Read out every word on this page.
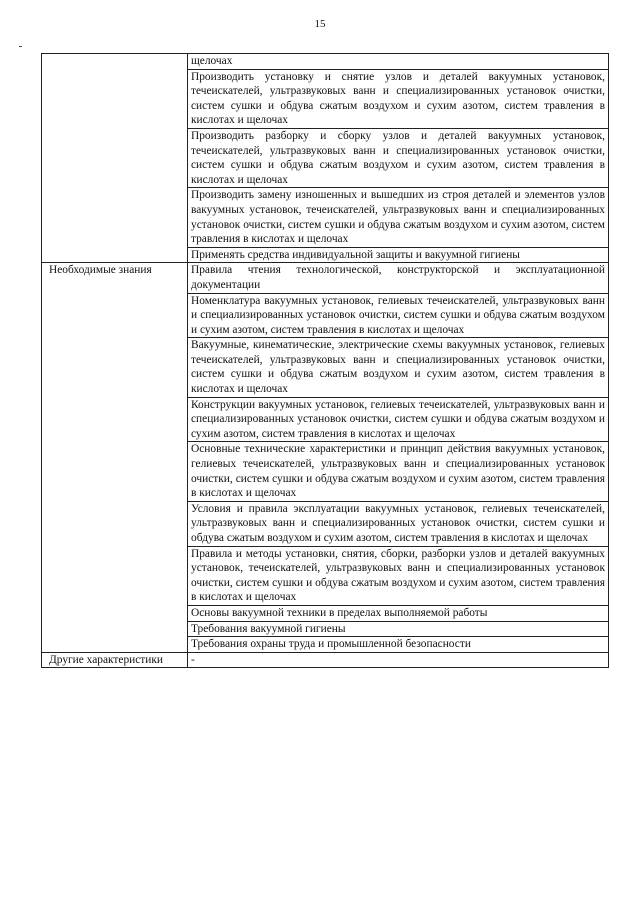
15

	щелочах

	Производить установку и снятие узлов и деталей вакуумных установок, течеискателей, ультразвуковых ванн и специализированных установок очистки, систем сушки и обдува сжатым воздухом и сухим азотом, систем травления в кислотах и щелочах

	Производить разборку и сборку узлов и деталей вакуумных установок, течеискателей, ультразвуковых ванн и специализированных установок очистки, систем сушки и обдува сжатым воздухом и сухим азотом, систем травления в кислотах и щелочах

	Производить замену изношенных и вышедших из строя деталей и элементов узлов вакуумных установок, течеискателей, ультразвуковых ванн и специализированных установок очистки, систем сушки и обдува сжатым воздухом и сухим азотом, систем травления в кислотах и щелочах

	Применять средства индивидуальной защиты и вакуумной гигиены

Необходимые знания	Правила чтения технологической, конструкторской и эксплуатационной документации

	Номенклатура вакуумных установок, гелиевых течеискателей, ультразвуковых ванн и специализированных установок очистки, систем сушки и обдува сжатым воздухом и сухим азотом, систем травления в кислотах и щелочах

	Вакуумные, кинематические, электрические схемы вакуумных установок, гелиевых течеискателей, ультразвуковых ванн и специализированных установок очистки, систем сушки и обдува сжатым воздухом и сухим азотом, систем травления в кислотах и щелочах

	Конструкции вакуумных установок, гелиевых течеискателей, ультразвуковых ванн и специализированных установок очистки, систем сушки и обдува сжатым воздухом и сухим азотом, систем травления в кислотах и щелочах

	Основные технические характеристики и принцип действия вакуумных установок, гелиевых течеискателей, ультразвуковых ванн и специализированных установок очистки, систем сушки и обдува сжатым воздухом и сухим азотом, систем травления в кислотах и щелочах

	Условия и правила эксплуатации вакуумных установок, гелиевых течеискателей, ультразвуковых ванн и специализированных установок очистки, систем сушки и обдува сжатым воздухом и сухим азотом, систем травления в кислотах и щелочах

	Правила и методы установки, снятия, сборки, разборки узлов и деталей вакуумных установок, течеискателей, ультразвуковых ванн и специализированных установок очистки, систем сушки и обдува сжатым воздухом и сухим азотом, систем травления в кислотах и щелочах

	Основы вакуумной техники в пределах выполняемой работы

	Требования вакуумной гигиены

	Требования охраны труда и промышленной безопасности

Другие характеристики	-
